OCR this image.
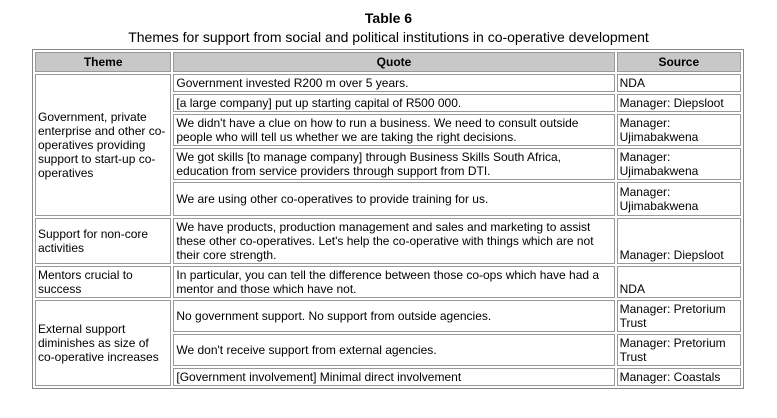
Table 6
Themes for support from social and political institutions in co-operative development
Theme	Quote	Source
Government, private enterprise and other co-operatives providing support to start-up co-operatives	Government invested R200 m over 5 years.	NDA
	[a large company] put up starting capital of R500 000.	Manager: Diepsloot
	We didn't have a clue on how to run a business. We need to consult outside people who will tell us whether we are taking the right decisions.	Manager: Ujimabakwena
	We got skills [to manage company] through Business Skills South Africa, education from service providers through support from DTI.	Manager: Ujimabakwena
	We are using other co-operatives to provide training for us.	Manager: Ujimabakwena
Support for non-core activities	We have products, production management and sales and marketing to assist these other co-operatives. Let's help the co-operative with things which are not their core strength.	Manager: Diepsloot
Mentors crucial to success	In particular, you can tell the difference between those co-ops which have had a mentor and those which have not.	NDA
External support diminishes as size of co-operative increases	No government support. No support from outside agencies.	Manager: Pretorium Trust
	We don't receive support from external agencies.	Manager: Pretorium Trust
	[Government involvement] Minimal direct involvement	Manager: Coastals
